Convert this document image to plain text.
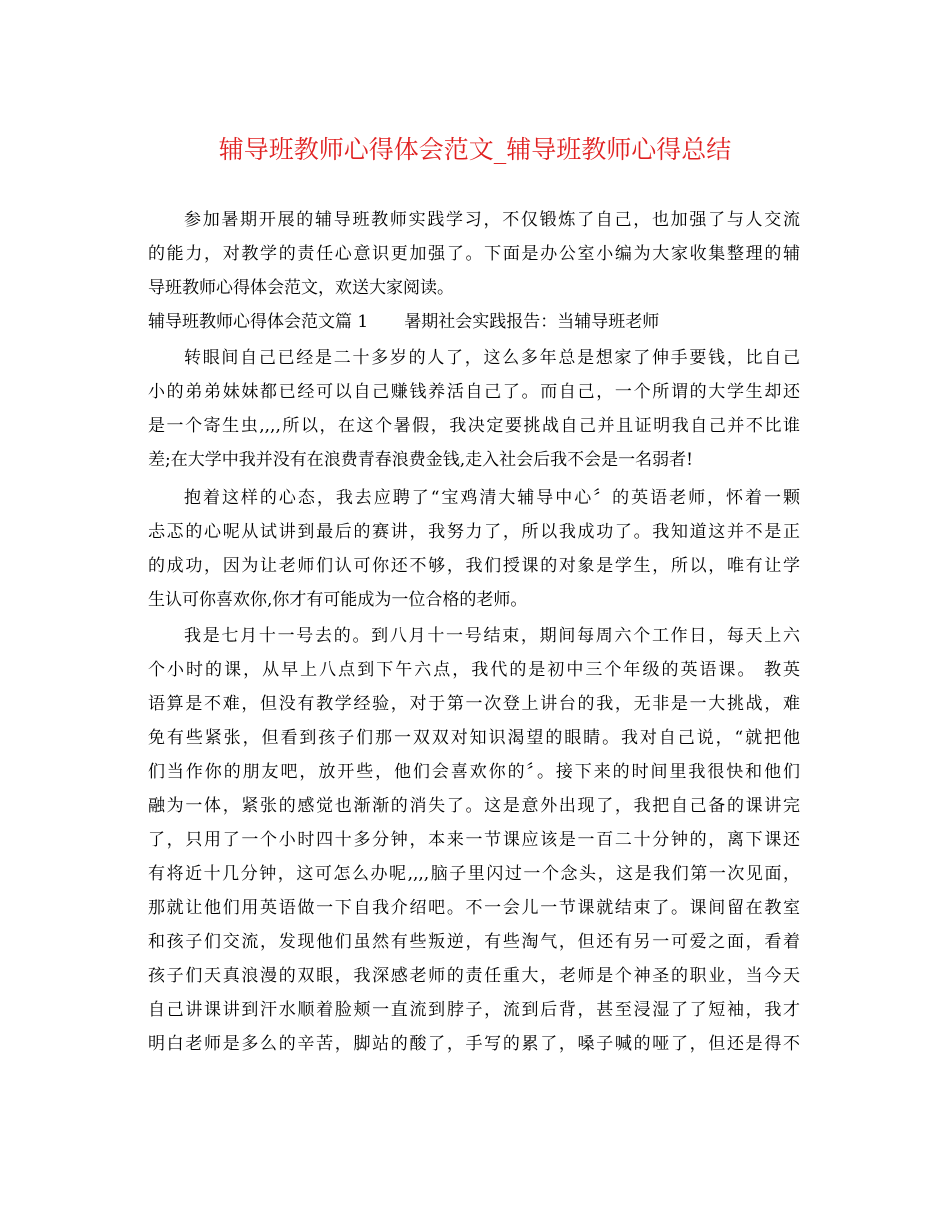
辅导班教师心得体会范文_辅导班教师心得总结
参加暑期开展的辅导班教师实践学习，不仅锻炼了自己，也加强了与人交流
的能力，对教学的责任心意识更加强了。下面是办公室小编为大家收集整理的辅
导班教师心得体会范文，欢送大家阅读。
辅导班教师心得体会范文篇 1 暑期社会实践报告：当辅导班老师
转眼间自己已经是二十多岁的人了，这么多年总是想家了伸手要钱，比自己
小的弟弟妹妹都已经可以自己赚钱养活自己了。而自己，一个所谓的大学生却还
是一个寄生虫,,,,所以，在这个暑假，我决定要挑战自己并且证明我自己并不比谁
差;在大学中我并没有在浪费青春浪费金钱,走入社会后我不会是一名弱者!
抱着这样的心态，我去应聘了“宝鸡清大辅导中心〞的英语老师，怀着一颗
忐忑的心呢从试讲到最后的赛讲，我努力了，所以我成功了。我知道这并不是正
的成功，因为让老师们认可你还不够，我们授课的对象是学生，所以，唯有让学
生认可你喜欢你,你才有可能成为一位合格的老师。
我是七月十一号去的。到八月十一号结束，期间每周六个工作日，每天上六
个小时的课，从早上八点到下午六点，我代的是初中三个年级的英语课。 教英
语算是不难，但没有教学经验，对于第一次登上讲台的我，无非是一大挑战，难
免有些紧张，但看到孩子们那一双双对知识渴望的眼睛。我对自己说，“就把他
们当作你的朋友吧，放开些，他们会喜欢你的〞。接下来的时间里我很快和他们
融为一体，紧张的感觉也渐渐的消失了。这是意外出现了，我把自己备的课讲完
了，只用了一个小时四十多分钟，本来一节课应该是一百二十分钟的，离下课还
有将近十几分钟，这可怎么办呢,,,,脑子里闪过一个念头，这是我们第一次见面，
那就让他们用英语做一下自我介绍吧。不一会儿一节课就结束了。课间留在教室
和孩子们交流，发现他们虽然有些叛逆，有些淘气，但还有另一可爱之面，看着
孩子们天真浪漫的双眼，我深感老师的责任重大，老师是个神圣的职业，当今天
自己讲课讲到汗水顺着脸颊一直流到脖子，流到后背，甚至浸湿了了短袖，我才
明白老师是多么的辛苦，脚站的酸了，手写的累了，嗓子喊的哑了，但还是得不
